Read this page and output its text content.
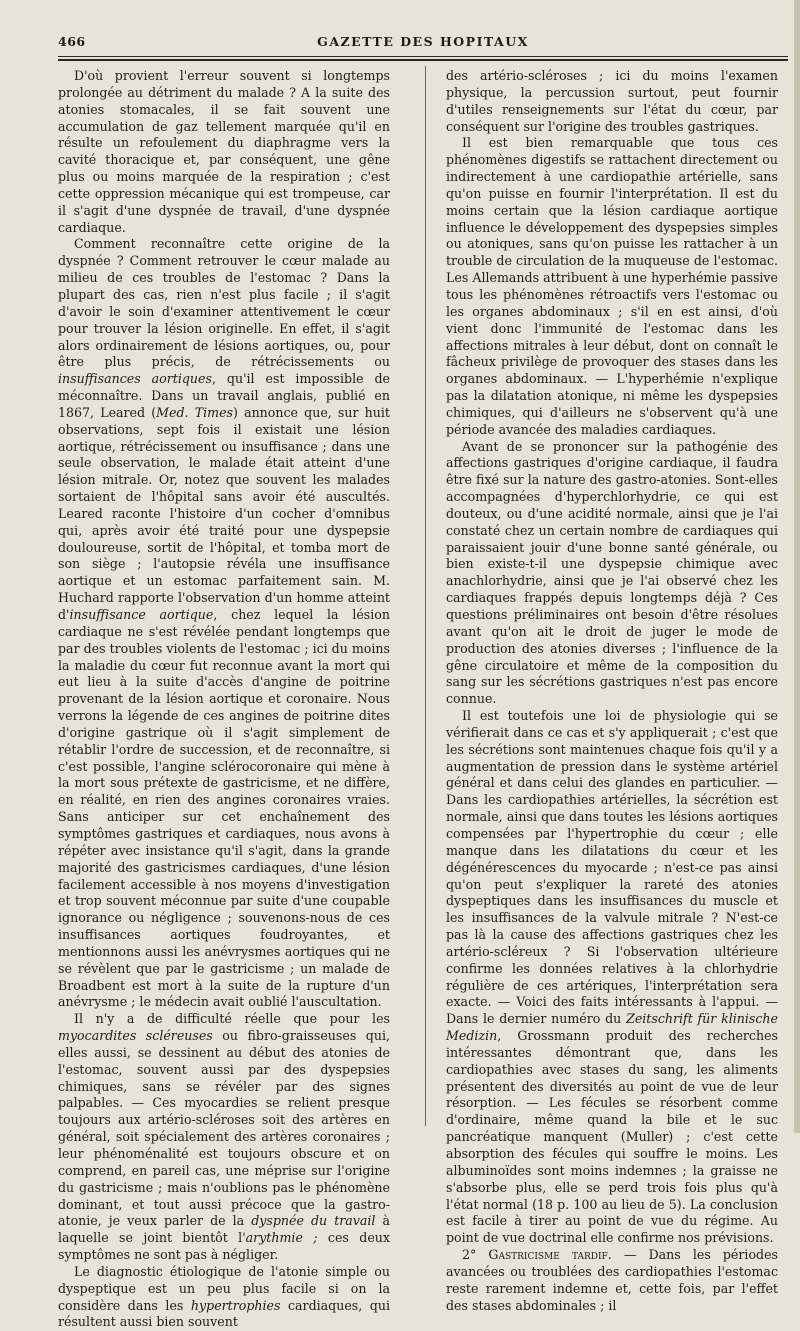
466	GAZETTE DES HOPITAUX

D'où provient l'erreur souvent si longtemps prolongée au détriment du malade ? A la suite des atonies stomacales, il se fait souvent une accumulation de gaz tellement marquée qu'il en résulte un refoulement du diaphragme vers la cavité thoracique et, par conséquent, une gêne plus ou moins marquée de la respiration ; c'est cette oppression mécanique qui est trompeuse, car il s'agit d'une dyspnée de travail, d'une dyspnée cardiaque.

Comment reconnaître cette origine de la dyspnée ? Comment retrouver le cœur malade au milieu de ces troubles de l'estomac ? Dans la plupart des cas, rien n'est plus facile ; il s'agit d'avoir le soin d'examiner attentivement le cœur pour trouver la lésion originelle. En effet, il s'agit alors ordinairement de lésions aortiques, ou, pour être plus précis, de rétrécissements ou insuffisances aortiques, qu'il est impossible de méconnaître. Dans un travail anglais, publié en 1867, Leared (Med. Times) annonce que, sur huit observations, sept fois il existait une lésion aortique, rétrécissement ou insuffisance ; dans une seule observation, le malade était atteint d'une lésion mitrale. Or, notez que souvent les malades sortaient de l'hôpital sans avoir été auscultés. Leared raconte l'histoire d'un cocher d'omnibus qui, après avoir été traité pour une dyspepsie douloureuse, sortit de l'hôpital, et tomba mort de son siège ; l'autopsie révéla une insuffisance aortique et un estomac parfaitement sain. M. Huchard rapporte l'observation d'un homme atteint d'insuffisance aortique, chez lequel la lésion cardiaque ne s'est révélée pendant longtemps que par des troubles violents de l'estomac ; ici du moins la maladie du cœur fut reconnue avant la mort qui eut lieu à la suite d'accès d'angine de poitrine provenant de la lésion aortique et coronaire. Nous verrons la légende de ces angines de poitrine dites d'origine gastrique où il s'agit simplement de rétablir l'ordre de succession, et de reconnaître, si c'est possible, l'angine sclérocoronaire qui mène à la mort sous prétexte de gastricisme, et ne diffère, en réalité, en rien des angines coronaires vraies. Sans anticiper sur cet enchaînement des symptômes gastriques et cardiaques, nous avons à répéter avec insistance qu'il s'agit, dans la grande majorité des gastricismes cardiaques, d'une lésion facilement accessible à nos moyens d'investigation et trop souvent méconnue par suite d'une coupable ignorance ou négligence ; souvenons-nous de ces insuffisances aortiques foudroyantes, et mentionnons aussi les anévrysmes aortiques qui ne se révèlent que par le gastricisme ; un malade de Broadbent est mort à la suite de la rupture d'un anévrysme ; le médecin avait oublié l'auscultation.

Il n'y a de difficulté réelle que pour les myocardites scléreuses ou fibro-graisseuses qui, elles aussi, se dessinent au début des atonies de l'estomac, souvent aussi par des dyspepsies chimiques, sans se révéler par des signes palpables. — Ces myocardies se relient presque toujours aux artério-scléroses soit des artères en général, soit spécialement des artères coronaires ; leur phénoménalité est toujours obscure et on comprend, en pareil cas, une méprise sur l'origine du gastricisme ; mais n'oublions pas le phénomène dominant, et tout aussi précoce que la gastro-atonie, je veux parler de la dyspnée du travail à laquelle se joint bientôt l'arythmie ; ces deux symptômes ne sont pas à négliger.

Le diagnostic étiologique de l'atonie simple ou dyspeptique est un peu plus facile si on la considère dans les hypertrophies cardiaques, qui résultent aussi bien souvent

des artério-scléroses ; ici du moins l'examen physique, la percussion surtout, peut fournir d'utiles renseignements sur l'état du cœur, par conséquent sur l'origine des troubles gastriques.

Il est bien remarquable que tous ces phénomènes digestifs se rattachent directement ou indirectement à une cardiopathie artérielle, sans qu'on puisse en fournir l'interprétation. Il est du moins certain que la lésion cardiaque aortique influence le développement des dyspepsies simples ou atoniques, sans qu'on puisse les rattacher à un trouble de circulation de la muqueuse de l'estomac. Les Allemands attribuent à une hyperhémie passive tous les phénomènes rétroactifs vers l'estomac ou les organes abdominaux ; s'il en est ainsi, d'où vient donc l'immunité de l'estomac dans les affections mitrales à leur début, dont on connaît le fâcheux privilège de provoquer des stases dans les organes abdominaux. — L'hyperhémie n'explique pas la dilatation atonique, ni même les dyspepsies chimiques, qui d'ailleurs ne s'observent qu'à une période avancée des maladies cardiaques.

Avant de se prononcer sur la pathogénie des affections gastriques d'origine cardiaque, il faudra être fixé sur la nature des gastro-atonies. Sont-elles accompagnées d'hyperchlorhydrie, ce qui est douteux, ou d'une acidité normale, ainsi que je l'ai constaté chez un certain nombre de cardiaques qui paraissaient jouir d'une bonne santé générale, ou bien existe-t-il une dyspepsie chimique avec anachlorhydrie, ainsi que je l'ai observé chez les cardiaques frappés depuis longtemps déjà ? Ces questions préliminaires ont besoin d'être résolues avant qu'on ait le droit de juger le mode de production des atonies diverses ; l'influence de la gêne circulatoire et même de la composition du sang sur les sécrétions gastriques n'est pas encore connue.

Il est toutefois une loi de physiologie qui se vérifierait dans ce cas et s'y appliquerait ; c'est que les sécrétions sont maintenues chaque fois qu'il y a augmentation de pression dans le système artériel général et dans celui des glandes en particulier. — Dans les cardiopathies artérielles, la sécrétion est normale, ainsi que dans toutes les lésions aortiques compensées par l'hypertrophie du cœur ; elle manque dans les dilatations du cœur et les dégénérescences du myocarde ; n'est-ce pas ainsi qu'on peut s'expliquer la rareté des atonies dyspeptiques dans les insuffisances du muscle et les insuffisances de la valvule mitrale ? N'est-ce pas là la cause des affections gastriques chez les artério-scléreux ? Si l'observation ultérieure confirme les données relatives à la chlorhydrie régulière de ces artériques, l'interprétation sera exacte. — Voici des faits intéressants à l'appui. — Dans le dernier numéro du Zeitschrift für klinische Medizin, Grossmann produit des recherches intéressantes démontrant que, dans les cardiopathies avec stases du sang, les aliments présentent des diversités au point de vue de leur résorption. — Les fécules se résorbent comme d'ordinaire, même quand la bile et le suc pancréatique manquent (Muller) ; c'est cette absorption des fécules qui souffre le moins. Les albuminoïdes sont moins indemnes ; la graisse ne s'absorbe plus, elle se perd trois fois plus qu'à l'état normal (18 p. 100 au lieu de 5). La conclusion est facile à tirer au point de vue du régime. Au point de vue doctrinal elle confirme nos prévisions.

2° Gastricisme tardif. — Dans les périodes avancées ou troublées des cardiopathies l'estomac reste rarement indemne et, cette fois, par l'effet des stases abdominales ; il
